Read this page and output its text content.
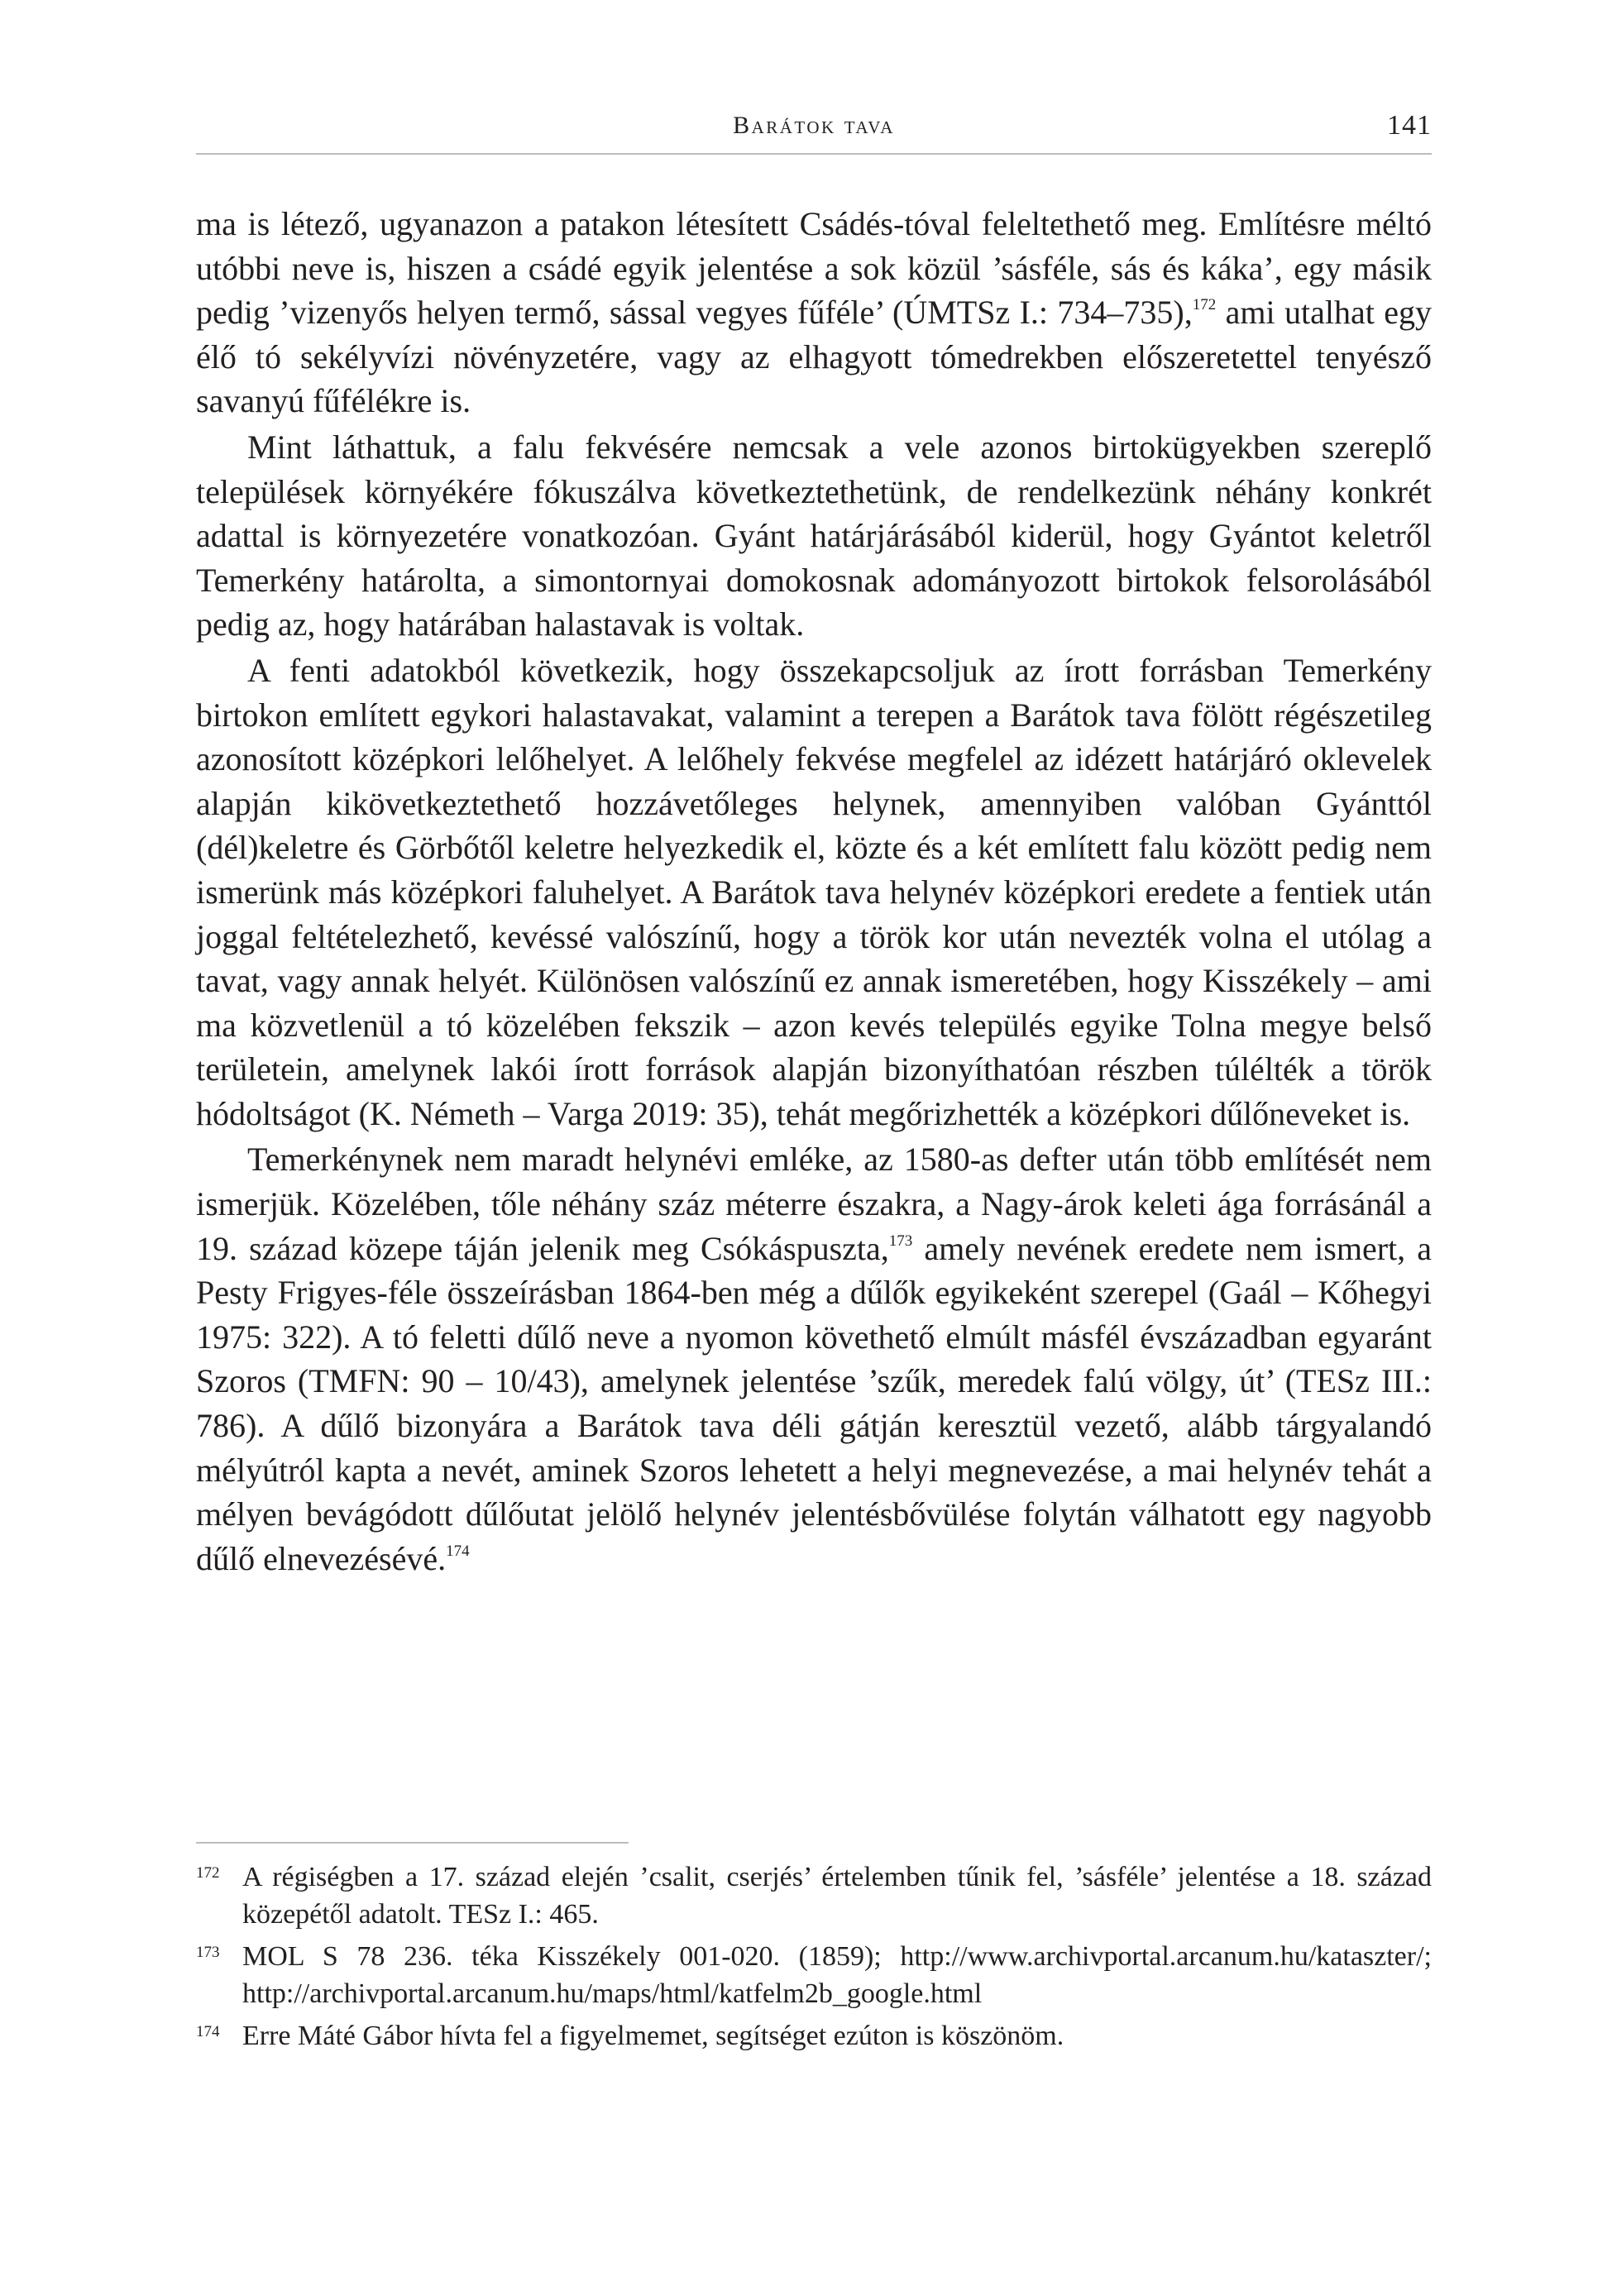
Barátok tava	141

ma is létező, ugyanazon a patakon létesített Csádés-tóval feleltethető meg. Említésre méltó utóbbi neve is, hiszen a csádé egyik jelentése a sok közül ’sásféle, sás és káka’, egy másik pedig ’vizenyős helyen termő, sással vegyes fűféle’ (ÚMTSz I.: 734–735),$^{172}$ ami utalhat egy élő tó sekélyvízi növényzetére, vagy az elhagyott tómedrekben előszeretettel tenyésző savanyú fűfélékre is.

Mint láthattuk, a falu fekvésére nemcsak a vele azonos birtokügyekben szereplő települések környékére fókuszálva következtethetünk, de rendelkezünk néhány konkrét adattal is környezetére vonatkozóan. Gyánt határjárásából kiderül, hogy Gyántot keletről Temerkény határolta, a simontornyai domokosnak adományozott birtokok felsorolásából pedig az, hogy határában halastavak is voltak.

A fenti adatokból következik, hogy összekapcsoljuk az írott forrásban Temerkény birtokon említett egykori halastavakat, valamint a terepen a Barátok tava fölött régészetileg azonosított középkori lelőhelyet. A lelőhely fekvése megfelel az idézett határjáró oklevelek alapján kikövetkeztethető hozzávetőleges helynek, amennyiben valóban Gyánttól (dél)keletre és Görbőtől keletre helyezkedik el, közte és a két említett falu között pedig nem ismerünk más középkori faluhelyet. A Barátok tava helynév középkori eredete a fentiek után joggal feltételezhető, kevéssé valószínű, hogy a török kor után nevezték volna el utólag a tavat, vagy annak helyét. Különösen valószínű ez annak ismeretében, hogy Kisszékely – ami ma közvetlenül a tó közelében fekszik – azon kevés település egyike Tolna megye belső területein, amelynek lakói írott források alapján bizonyíthatóan részben túlélték a török hódoltságot (K. Németh – Varga 2019: 35), tehát megőrizhették a középkori dűlőneveket is.

Temerkénynek nem maradt helynévi emléke, az 1580-as defter után több említését nem ismerjük. Közelében, tőle néhány száz méterre északra, a Nagy-árok keleti ága forrásánál a 19. század közepe táján jelenik meg Csókáspuszta,$^{173}$ amely nevének eredete nem ismert, a Pesty Frigyes-féle összeírásban 1864-ben még a dűlők egyikeként szerepel (Gaál – Kőhegyi 1975: 322). A tó feletti dűlő neve a nyomon követhető elmúlt másfél évszázadban egyaránt Szoros (TMFN: 90 – 10/43), amelynek jelentése ’szűk, meredek falú völgy, út’ (TESz III.: 786). A dűlő bizonyára a Barátok tava déli gátján keresztül vezető, alább tárgyalandó mélyútról kapta a nevét, aminek Szoros lehetett a helyi megnevezése, a mai helynév tehát a mélyen bevágódott dűlőutat jelölő helynév jelentésbővülése folytán válhatott egy nagyobb dűlő elnevezésévé.$^{174}$

172 A régiségben a 17. század elején ’csalit, cserjés’ értelemben tűnik fel, ’sásféle’ jelentése a 18. század közepétől adatolt. TESz I.: 465.
173 MOL S 78 236. téka Kisszékely 001-020. (1859); http://www.archivportal.arcanum.hu/kataszter/; http://archivportal.arcanum.hu/maps/html/katfelm2b_google.html
174 Erre Máté Gábor hívta fel a figyelmemet, segítséget ezúton is köszönöm.
